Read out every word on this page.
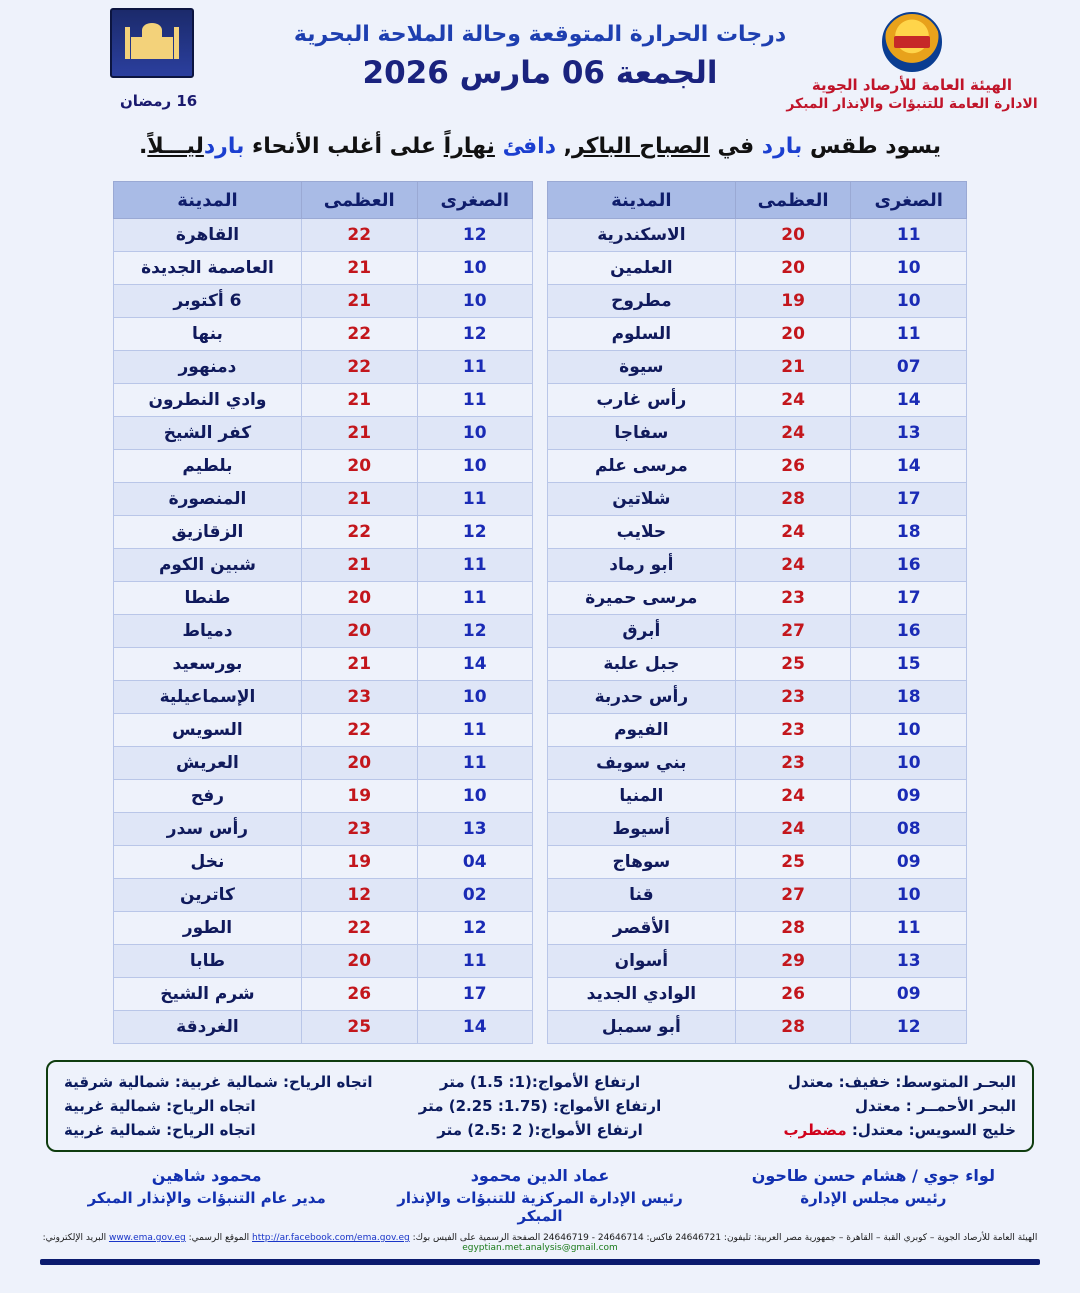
16 رمضان
درجات الحرارة المتوقعة وحالة الملاحة البحرية
الجمعة 06 مارس 2026	الهيئة العامة للأرصاد الجوية
الادارة العامة للتنبؤات والإنذار المبكر
يسود طقس بارد في الصباح الباكر, دافئ نهاراً على أغلب الأنحاء باردليـــلاً.
الصغرى	العظمى	المدينة
11	20	الاسكندرية
10	20	العلمين
10	19	مطروح
11	20	السلوم
07	21	سيوة
14	24	رأس غارب
13	24	سفاجا
14	26	مرسى علم
17	28	شلاتين
18	24	حلايب
16	24	أبو رماد
17	23	مرسى حميرة
16	27	أبرق
15	25	جبل علبة
18	23	رأس حدربة
10	23	الفيوم
10	23	بني سويف
09	24	المنيا
08	24	أسيوط
09	25	سوهاج
10	27	قنا
11	28	الأقصر
13	29	أسوان
09	26	الوادي الجديد
12	28	أبو سمبل
الصغرى	العظمى	المدينة
12	22	القاهرة
10	21	العاصمة الجديدة
10	21	6 أكتوبر
12	22	بنها
11	22	دمنهور
11	21	وادي النطرون
10	21	كفر الشيخ
10	20	بلطيم
11	21	المنصورة
12	22	الزقازيق
11	21	شبين الكوم
11	20	طنطا
12	20	دمياط
14	21	بورسعيد
10	23	الإسماعيلية
11	22	السويس
11	20	العريش
10	19	رفح
13	23	رأس سدر
04	19	نخل
02	12	كاترين
12	22	الطور
11	20	طابا
17	26	شرم الشيخ
14	25	الغردقة
البحـر المتوسط: خفيف: معتدل
ارتفاع الأمواج:(1: 1.5) متر
اتجاه الرياح: شمالية غربية: شمالية شرقية
البحر الأحمــر : معتدل
ارتفاع الأمواج: (1.75: 2.25) متر
اتجاه الرياح: شمالية غربية
خليج السويس: معتدل: مضطرب
ارتفاع الأمواج:( 2 :2.5) متر
اتجاه الرياح: شمالية غربية
لواء جوي / هشام حسن طاحون
رئيس مجلس الإدارة
عماد الدين محمود
رئيس الإدارة المركزية للتنبؤات والإنذار المبكر
محمود شاهين
مدير عام التنبؤات والإنذار المبكر
الهيئة العامة للأرصاد الجوية – كوبري القبة – القاهرة – جمهورية مصر العربية: تليفون: 24646721 فاكس: 24646714 - 24646719 الصفحة الرسمية على الفيس بوك: http://ar.facebook.com/ema.gov.eg الموقع الرسمي: www.ema.gov.eg البريد الإلكتروني: egyptian.met.analysis@gmail.com
